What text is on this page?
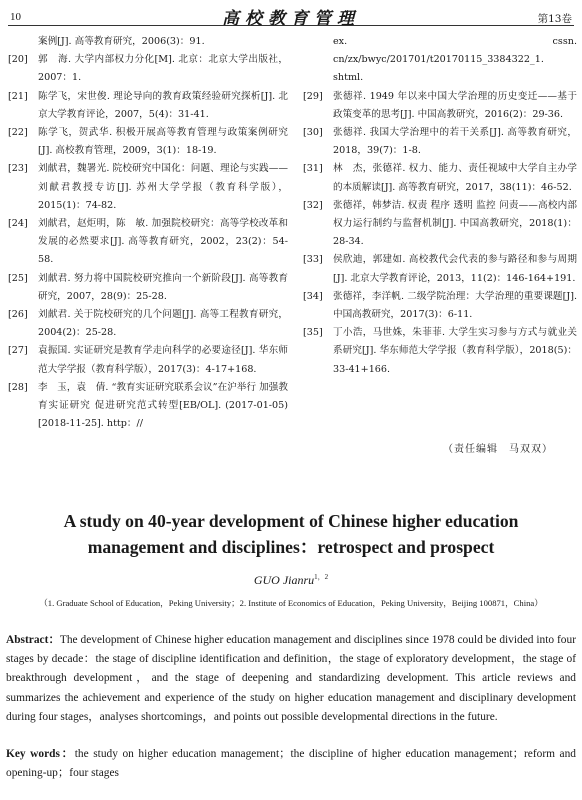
10	高校教育管理	第13卷
案例[J]. 高等教育研究，2006(3)：91.
[20]	郭　海. 大学内部权力分化[M]. 北京：北京大学出版社，2007：1.
[21]	陈学飞，宋世俊. 理论导向的教育政策经验研究探析[J]. 北京大学教育评论，2007，5(4)：31-41.
[22]	陈学飞，贺武华. 积极开展高等教育管理与政策案例研究[J]. 高校教育管理，2009，3(1)：18-19.
[23]	刘献君，魏署光. 院校研究中国化：问题、理论与实践——刘献君教授专访[J]. 苏州大学学报（教育科学版），2015(1)：74-82.
[24]	刘献君，赵炬明，陈　敏. 加强院校研究：高等学校改革和发展的必然要求[J]. 高等教育研究，2002，23(2)：54-58.
[25]	刘献君. 努力将中国院校研究推向一个新阶段[J]. 高等教育研究，2007，28(9)：25-28.
[26]	刘献君. 关于院校研究的几个问题[J]. 高等工程教育研究，2004(2)：25-28.
[27]	袁振国. 实证研究是教育学走向科学的必要途径[J]. 华东师范大学学报（教育科学版），2017(3)：4-17+168.
[28]	李　玉，袁　倩. “教育实证研究联系会议”在沪举行 加强教育实证研究 促进研究范式转型[EB/OL]. (2017-01-05)[2018-11-25]. http：//
ex. cssn. cn/zx/bwyc/201701/t20170115_3384322_1. shtml.
[29]	张德祥. 1949 年以来中国大学治理的历史变迁——基于政策变革的思考[J]. 中国高教研究，2016(2)：29-36.
[30]	张德祥. 我国大学治理中的若干关系[J]. 高等教育研究，2018，39(7)：1-8.
[31]	林　杰，张德祥. 权力、能力、责任视域中大学自主办学的本质解读[J]. 高等教育研究，2017，38(11)：46-52.
[32]	张德祥，韩梦洁. 权责 程序 透明 监控 问责——高校内部权力运行制约与监督机制[J]. 中国高教研究，2018(1)：28-34.
[33]	侯欣迪，郭建如. 高校教代会代表的参与路径和参与周期[J]. 北京大学教育评论，2013，11(2)：146-164+191.
[34]	张德祥，李洋帆. 二级学院治理：大学治理的重要课题[J]. 中国高教研究，2017(3)：6-11.
[35]	丁小浩，马世姝，朱菲菲. 大学生实习参与方式与就业关系研究[J]. 华东师范大学学报（教育科学版），2018(5)：33-41+166.
（责任编辑　马双双）
A study on 40-year development of Chinese higher education management and disciplines：retrospect and prospect
GUO Jianru$^{1,2}$
（1. Graduate School of Education，Peking University；2. Institute of Economics of Education，Peking University，Beijing 100871，China）
Abstract：The development of Chinese higher education management and disciplines since 1978 could be divided into four stages by decade：the stage of discipline identification and definition，the stage of exploratory development，the stage of breakthrough development，and the stage of deepening and standardizing development. This article reviews and summarizes the achievement and experience of the study on higher education management and disciplinary development during four stages，analyses shortcomings，and points out possible developmental directions in the future.
Key words：the study on higher education management；the discipline of higher education management；reform and opening-up；four stages
